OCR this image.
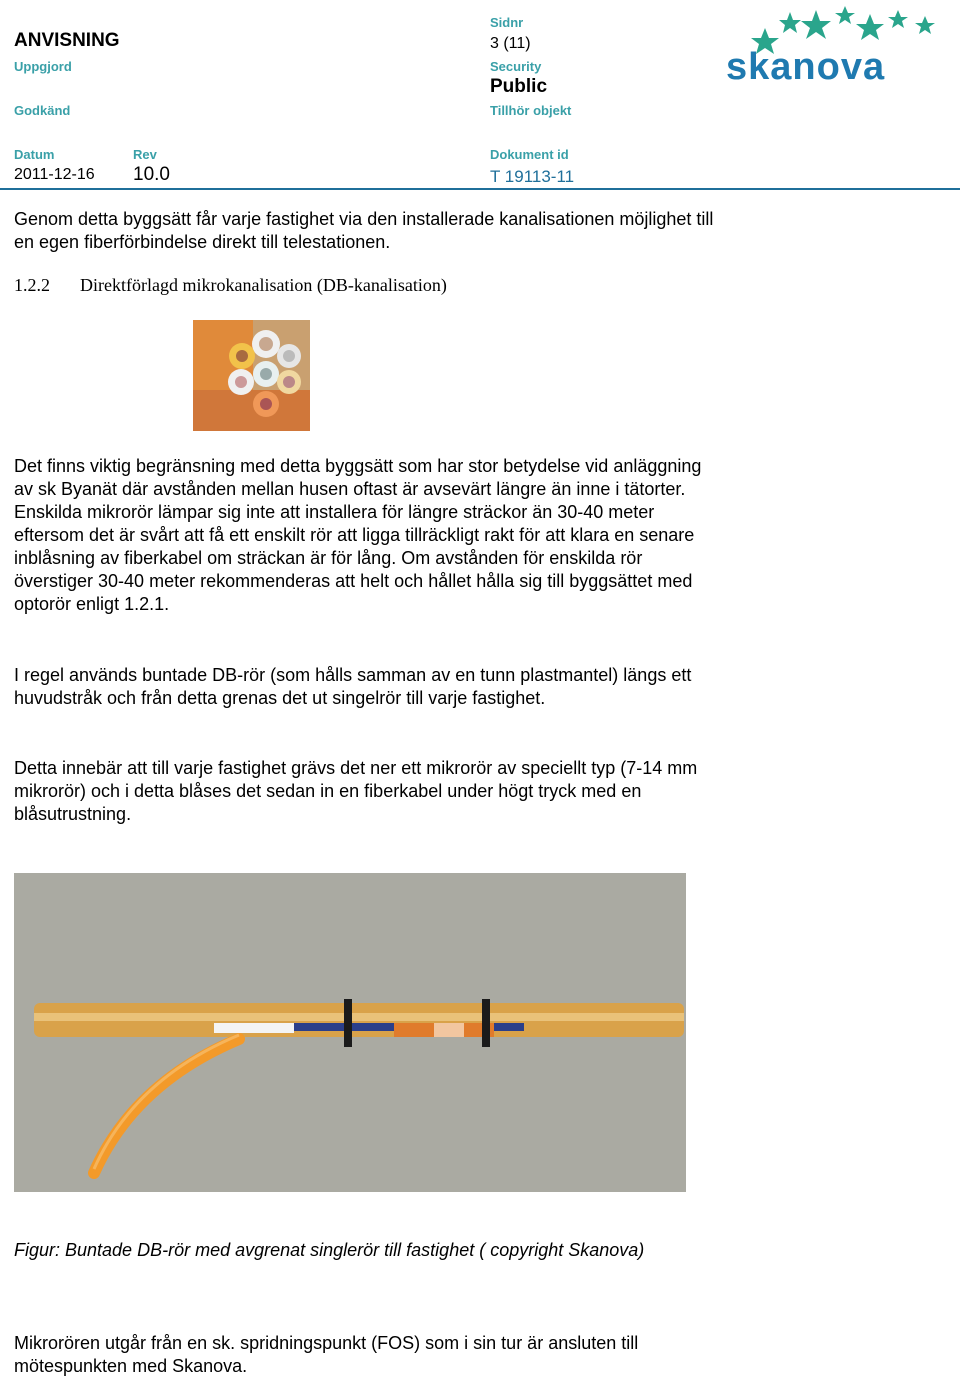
ANVISNING
Uppgjord
Godkänd
Datum
2011-12-16
Rev
10.0
Sidnr
3 (11)
Security
Public
Tillhör objekt
Dokument id
T 19113-11
skanova
Genom detta byggsätt får varje fastighet via den installerade kanalisationen möjlighet till en egen fiberförbindelse direkt till telestationen.
1.2.2 Direktförlagd mikrokanalisation (DB-kanalisation)
Det finns viktig begränsning med detta byggsätt som har stor betydelse vid anläggning av sk Byanät där avstånden mellan husen oftast är avsevärt längre än inne i tätorter. Enskilda mikrorör lämpar sig inte att installera för längre sträckor än 30-40 meter eftersom det är svårt att få ett enskilt rör att ligga tillräckligt rakt för att klara en senare inblåsning av fiberkabel om sträckan är för lång. Om avstånden för enskilda rör överstiger 30-40 meter rekommenderas att helt och hållet hålla sig till byggsättet med optorör enligt 1.2.1.
I regel används buntade DB-rör (som hålls samman av en tunn plastmantel) längs ett huvudstråk och från detta grenas det ut singelrör till varje fastighet.
Detta innebär att till varje fastighet grävs det ner ett mikrorör av speciellt typ (7-14 mm mikrorör) och i detta blåses det sedan in en fiberkabel under högt tryck med en blåsutrustning.
Figur: Buntade DB-rör med avgrenat singlerör till fastighet ( copyright Skanova)
Mikrorören utgår från en sk. spridningspunkt (FOS) som i sin tur är ansluten till mötespunkten med Skanova.
